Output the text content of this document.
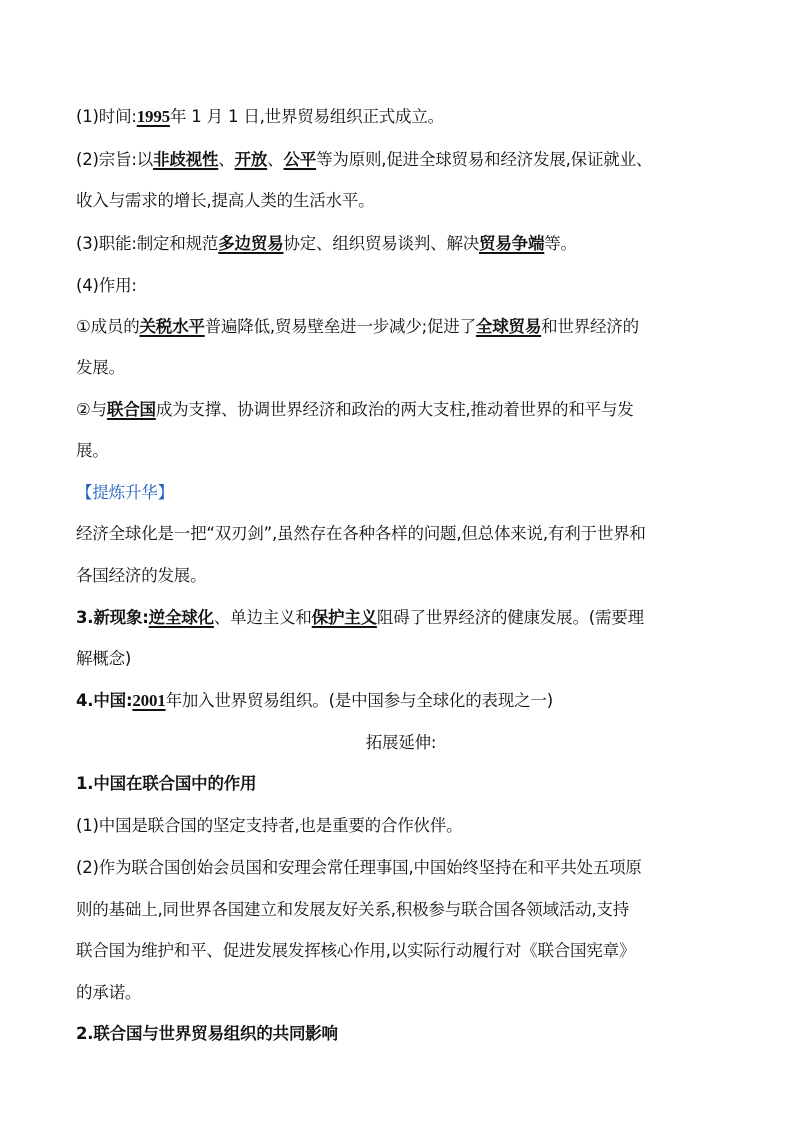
(1)时间:1995年 1 月 1 日,世界贸易组织正式成立。
(2)宗旨:以非歧视性、开放、公平等为原则,促进全球贸易和经济发展,保证就业、
收入与需求的增长,提高人类的生活水平。
(3)职能:制定和规范多边贸易协定、组织贸易谈判、解决贸易争端等。
(4)作用:
①成员的关税水平普遍降低,贸易壁垒进一步减少;促进了全球贸易和世界经济的
发展。
②与联合国成为支撑、协调世界经济和政治的两大支柱,推动着世界的和平与发
展。
【提炼升华】
经济全球化是一把“双刃剑”,虽然存在各种各样的问题,但总体来说,有利于世界和
各国经济的发展。
3.新现象:逆全球化、单边主义和保护主义阻碍了世界经济的健康发展。(需要理
解概念)
4.中国:2001年加入世界贸易组织。(是中国参与全球化的表现之一)
拓展延伸:
1.中国在联合国中的作用
(1)中国是联合国的坚定支持者,也是重要的合作伙伴。
(2)作为联合国创始会员国和安理会常任理事国,中国始终坚持在和平共处五项原
则的基础上,同世界各国建立和发展友好关系,积极参与联合国各领域活动,支持
联合国为维护和平、促进发展发挥核心作用,以实际行动履行对《联合国宪章》
的承诺。
2.联合国与世界贸易组织的共同影响
